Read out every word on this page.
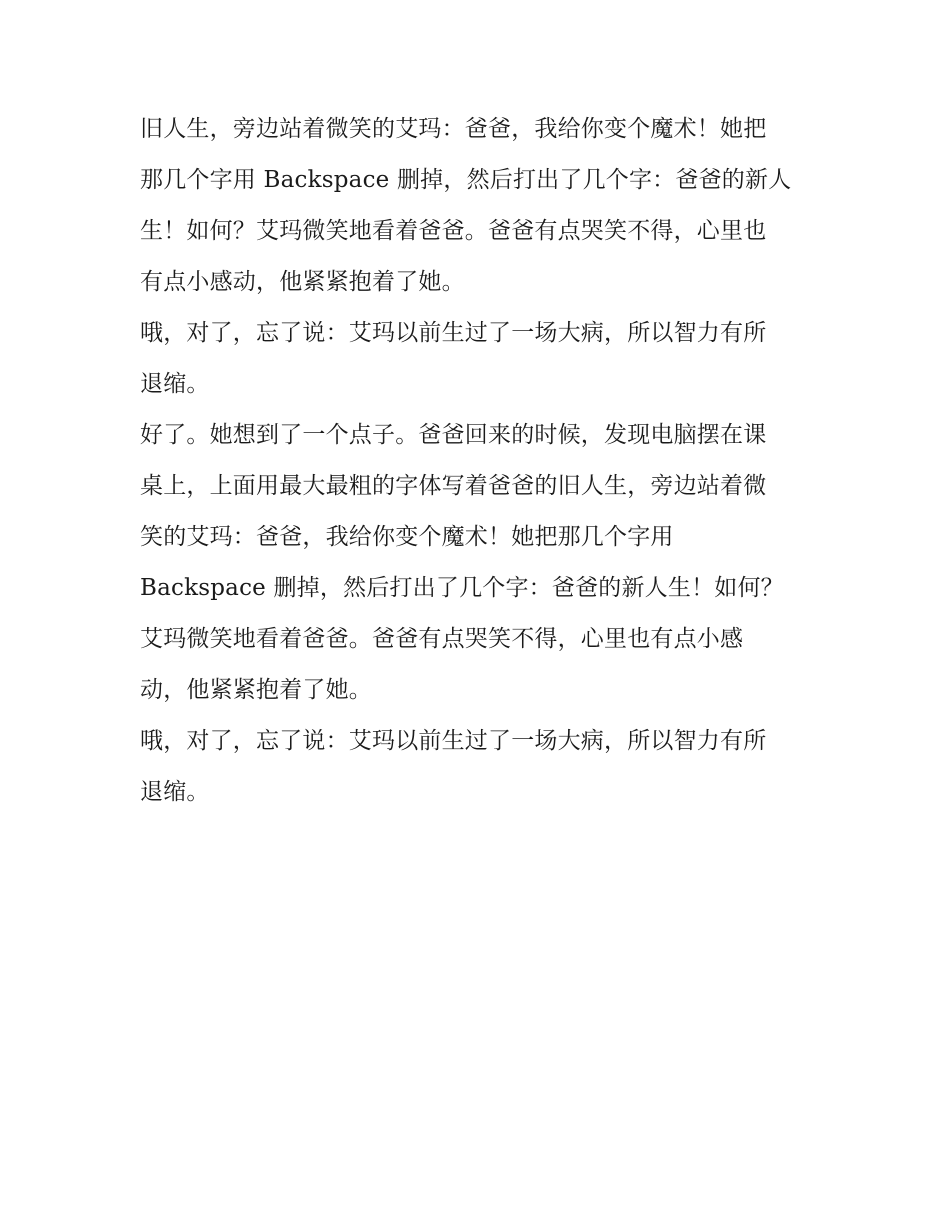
旧人生，旁边站着微笑的艾玛：爸爸，我给你变个魔术！她把
那几个字用 Backspace 删掉，然后打出了几个字：爸爸的新人
生！如何？艾玛微笑地看着爸爸。爸爸有点哭笑不得，心里也
有点小感动，他紧紧抱着了她。
哦，对了，忘了说：艾玛以前生过了一场大病，所以智力有所
退缩。
好了。她想到了一个点子。爸爸回来的时候，发现电脑摆在课
桌上，上面用最大最粗的字体写着爸爸的旧人生，旁边站着微
笑的艾玛：爸爸，我给你变个魔术！她把那几个字用
Backspace 删掉，然后打出了几个字：爸爸的新人生！如何？
艾玛微笑地看着爸爸。爸爸有点哭笑不得，心里也有点小感
动，他紧紧抱着了她。
哦，对了，忘了说：艾玛以前生过了一场大病，所以智力有所
退缩。
